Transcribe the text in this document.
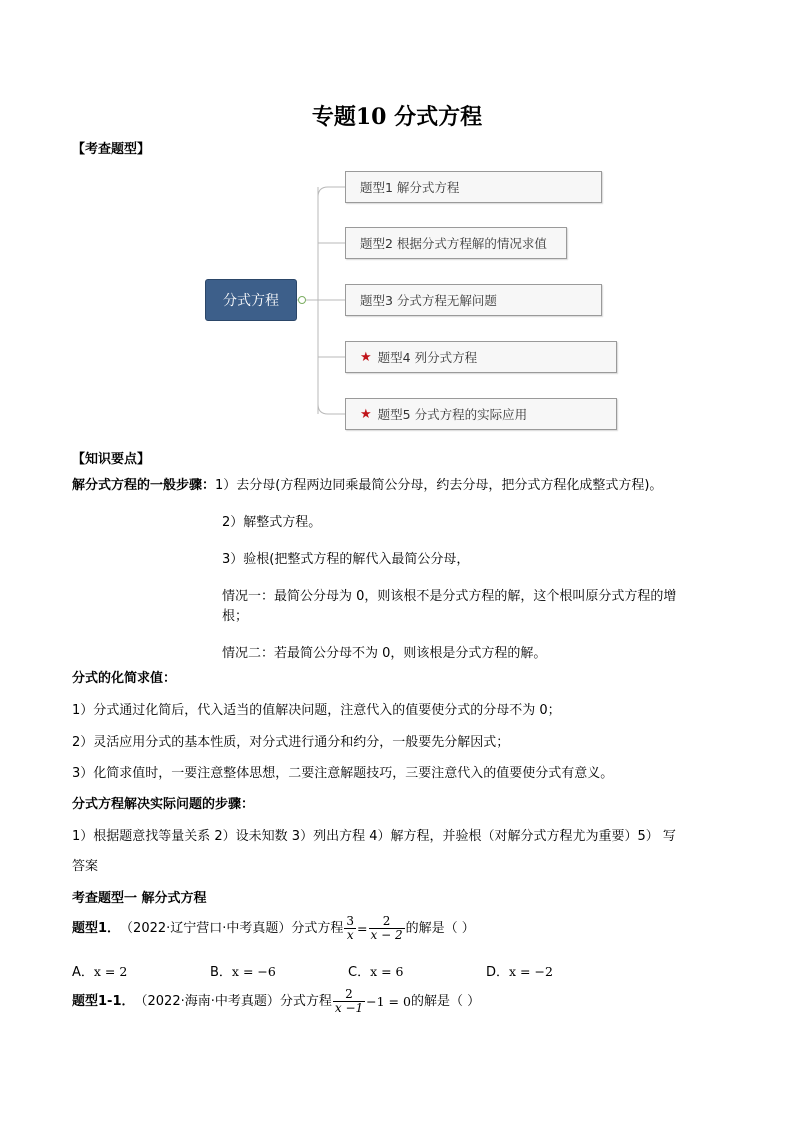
专题10 分式方程
【考查题型】
分式方程
题型1 解分式方程
题型2 根据分式方程解的情况求值
题型3 分式方程无解问题
★ 题型4 列分式方程
★ 题型5 分式方程的实际应用
【知识要点】
解分式方程的一般步骤：1）去分母(方程两边同乘最简公分母，约去分母，把分式方程化成整式方程)。
2）解整式方程。
3）验根(把整式方程的解代入最简公分母，
情况一：最简公分母为 0，则该根不是分式方程的解，这个根叫原分式方程的增
根；
情况二：若最简公分母不为 0，则该根是分式方程的解。
分式的化简求值：
1）分式通过化简后，代入适当的值解决问题，注意代入的值要使分式的分母不为 0；
2）灵活应用分式的基本性质，对分式进行通分和约分，一般要先分解因式；
3）化简求值时，一要注意整体思想，二要注意解题技巧，三要注意代入的值要使分式有意义。
分式方程解决实际问题的步骤：
1）根据题意找等量关系 2）设未知数 3）列出方程 4）解方程，并验根（对解分式方程尤为重要）5） 写
答案
考查题型一 解分式方程
题型1． （2022·辽宁营口·中考真题）分式方程 $\frac{3}{x} = \frac{2}{x - 2}$ 的解是（ ）
A．x = 2	B．x = −6	C．x = 6	D．x = −2
题型1-1． （2022·海南·中考真题）分式方程 $\frac{2}{x -1} -1 = 0$ 的解是（ ）
